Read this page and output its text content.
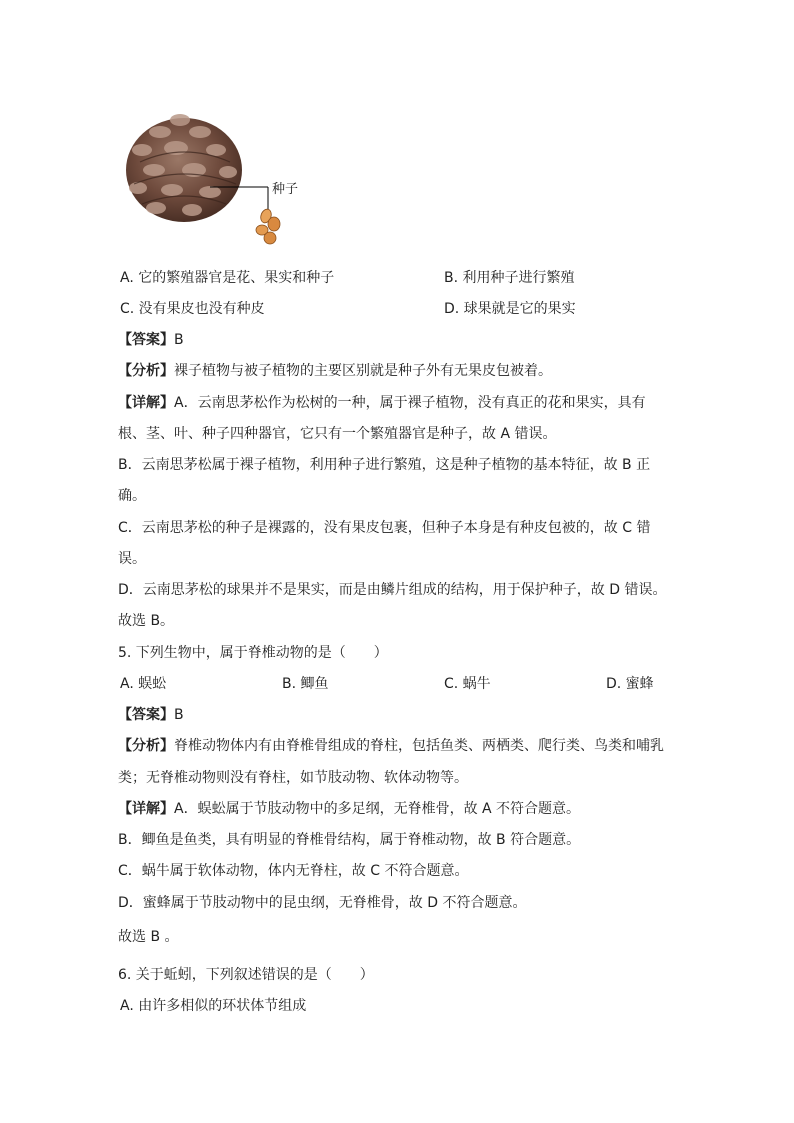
种子
A. 它的繁殖器官是花、果实和种子	B. 利用种子进行繁殖
C. 没有果皮也没有种皮	D. 球果就是它的果实
【答案】B
【分析】裸子植物与被子植物的主要区别就是种子外有无果皮包被着。
【详解】A．云南思茅松作为松树的一种，属于裸子植物，没有真正的花和果实，具有
根、茎、叶、种子四种器官，它只有一个繁殖器官是种子，故 A 错误。
B．云南思茅松属于裸子植物，利用种子进行繁殖，这是种子植物的基本特征，故 B 正
确。
C．云南思茅松的种子是裸露的，没有果皮包裹，但种子本身是有种皮包被的，故 C 错
误。
D．云南思茅松的球果并不是果实，而是由鳞片组成的结构，用于保护种子，故 D 错误。
故选 B。
5. 下列生物中，属于脊椎动物的是（　　）
A. 蜈蚣	B. 鲫鱼	C. 蜗牛	D. 蜜蜂
【答案】B
【分析】脊椎动物体内有由脊椎骨组成的脊柱，包括鱼类、两栖类、爬行类、鸟类和哺乳
类；无脊椎动物则没有脊柱，如节肢动物、软体动物等。
【详解】A．蜈蚣属于节肢动物中的多足纲，无脊椎骨，故 A 不符合题意。
B．鲫鱼是鱼类，具有明显的脊椎骨结构，属于脊椎动物，故 B 符合题意。
C．蜗牛属于软体动物，体内无脊柱，故 C 不符合题意。
D．蜜蜂属于节肢动物中的昆虫纲，无脊椎骨，故 D 不符合题意。
故选 B 。
6. 关于蚯蚓，下列叙述错误的是（　　）
A. 由许多相似的环状体节组成
